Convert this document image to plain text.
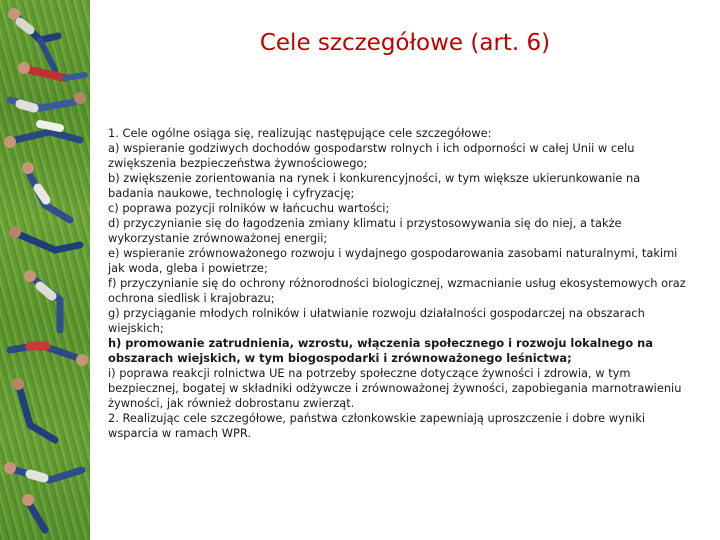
Cele szczegółowe (art. 6)

1. Cele ogólne osiąga się, realizując następujące cele szczegółowe:

a) wspieranie godziwych dochodów gospodarstw rolnych i ich odporności w całej Unii w celu zwiększenia bezpieczeństwa żywnościowego;

b) zwiększenie zorientowania na rynek i konkurencyjności, w tym większe ukierunkowanie na badania naukowe, technologię i cyfryzację;

c) poprawa pozycji rolników w łańcuchu wartości;

d) przyczynianie się do łagodzenia zmiany klimatu i przystosowywania się do niej, a także wykorzystanie zrównoważonej energii;

e) wspieranie zrównoważonego rozwoju i wydajnego gospodarowania zasobami naturalnymi, takimi jak woda, gleba i powietrze;

f) przyczynianie się do ochrony różnorodności biologicznej, wzmacnianie usług ekosystemowych oraz ochrona siedlisk i krajobrazu;

g) przyciąganie młodych rolników i ułatwianie rozwoju działalności gospodarczej na obszarach wiejskich;

h) promowanie zatrudnienia, wzrostu, włączenia społecznego i rozwoju lokalnego na obszarach wiejskich, w tym biogospodarki i zrównoważonego leśnictwa;

i) poprawa reakcji rolnictwa UE na potrzeby społeczne dotyczące żywności i zdrowia, w tym bezpiecznej, bogatej w składniki odżywcze i zrównoważonej żywności, zapobiegania marnotrawieniu żywności, jak również dobrostanu zwierząt.

2. Realizując cele szczegółowe, państwa członkowskie zapewniają uproszczenie i dobre wyniki wsparcia w ramach WPR.
